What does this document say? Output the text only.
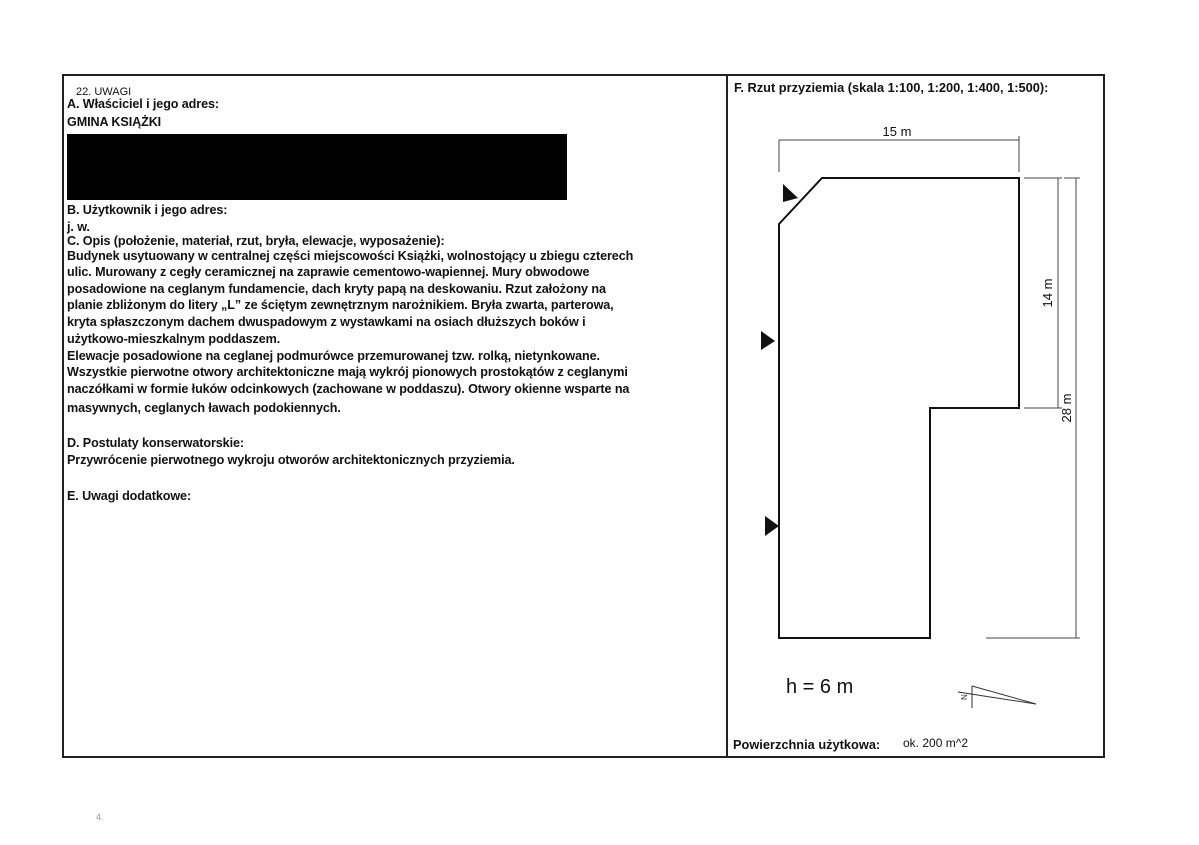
22. UWAGI
A. Właściciel i jego adres:
GMINA KSIĄŻKI
B. Użytkownik i jego adres:
j. w.
C. Opis (położenie, materiał, rzut, bryła, elewacje, wyposażenie):
Budynek usytuowany w centralnej części miejscowości Książki, wolnostojący u zbiegu czterech
ulic. Murowany z cegły ceramicznej na zaprawie cementowo-wapiennej. Mury obwodowe
posadowione na ceglanym fundamencie, dach kryty papą na deskowaniu. Rzut założony na
planie zbliżonym do litery „L” ze ściętym zewnętrznym narożnikiem. Bryła zwarta, parterowa,
kryta spłaszczonym dachem dwuspadowym z wystawkami na osiach dłuższych boków i
użytkowo-mieszkalnym poddaszem.
Elewacje posadowione na ceglanej podmurówce przemurowanej tzw. rolką, nietynkowane.
Wszystkie pierwotne otwory architektoniczne mają wykrój pionowych prostokątów z ceglanymi
naczółkami w formie łuków odcinkowych (zachowane w poddaszu). Otwory okienne wsparte na
masywnych, ceglanych ławach podokiennych.
D. Postulaty konserwatorskie:
Przywrócenie pierwotnego wykroju otworów architektonicznych przyziemia.
E. Uwagi dodatkowe:
F. Rzut przyziemia (skala 1:100, 1:200, 1:400, 1:500):
15 m
14 m
28 m
N
h = 6 m
Powierzchnia użytkowa: ok. 200 m^2
4.
